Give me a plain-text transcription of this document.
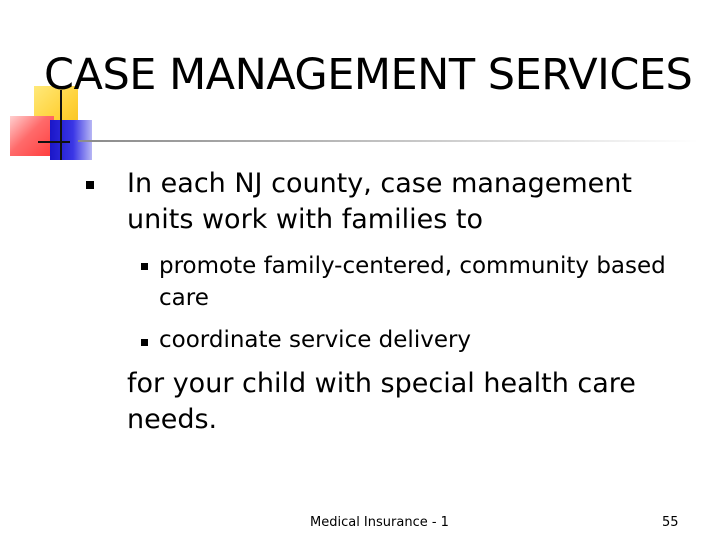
CASE MANAGEMENT SERVICES

In each NJ county, case management units work with families to

promote family-centered, community based care

coordinate service delivery

for your child with special health care needs.

Medical Insurance - 1	55
